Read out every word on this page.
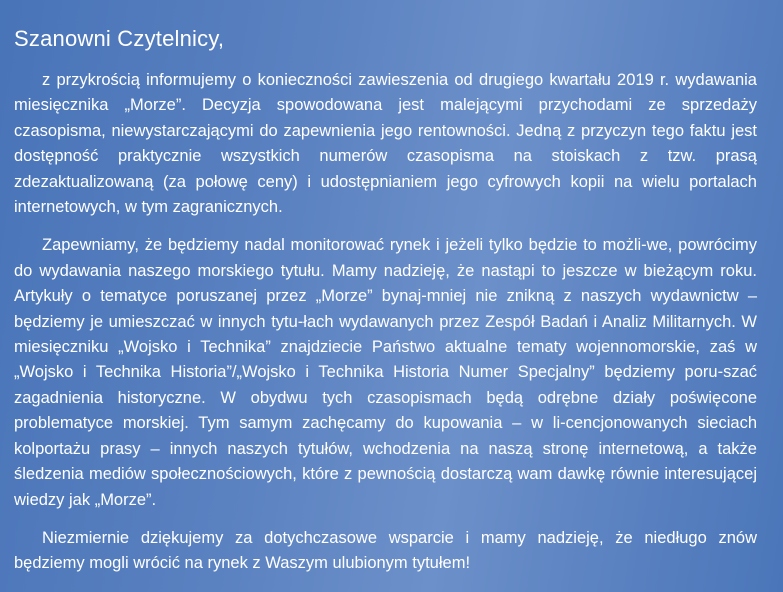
Szanowni Czytelnicy,

z przykrością informujemy o konieczności zawieszenia od drugiego kwartału 2019 r. wydawania miesięcznika „Morze”. Decyzja spowodowana jest malejącymi przychodami ze sprzedaży czasopisma, niewystarczającymi do zapewnienia jego rentowności. Jedną z przyczyn tego faktu jest dostępność praktycznie wszystkich numerów czasopisma na stoiskach z tzw. prasą zdezaktualizowaną (za połowę ceny) i udostępnianiem jego cyfrowych kopii na wielu portalach internetowych, w tym zagranicznych.

Zapewniamy, że będziemy nadal monitorować rynek i jeżeli tylko będzie to możli-we, powrócimy do wydawania naszego morskiego tytułu. Mamy nadzieję, że nastąpi to jeszcze w bieżącym roku. Artykuły o tematyce poruszanej przez „Morze” bynaj-mniej nie znikną z naszych wydawnictw – będziemy je umieszczać w innych tytu-łach wydawanych przez Zespół Badań i Analiz Militarnych. W miesięczniku „Wojsko i Technika” znajdziecie Państwo aktualne tematy wojennomorskie, zaś w „Wojsko i Technika Historia”/„Wojsko i Technika Historia Numer Specjalny” będziemy poru-szać zagadnienia historyczne. W obydwu tych czasopismach będą odrębne działy poświęcone problematyce morskiej. Tym samym zachęcamy do kupowania – w li-cencjonowanych sieciach kolportażu prasy – innych naszych tytułów, wchodzenia na naszą stronę internetową, a także śledzenia mediów społecznościowych, które z pewnością dostarczą wam dawkę równie interesującej wiedzy jak „Morze”.

Niezmiernie dziękujemy za dotychczasowe wsparcie i mamy nadzieję, że niedługo znów będziemy mogli wrócić na rynek z Waszym ulubionym tytułem!
